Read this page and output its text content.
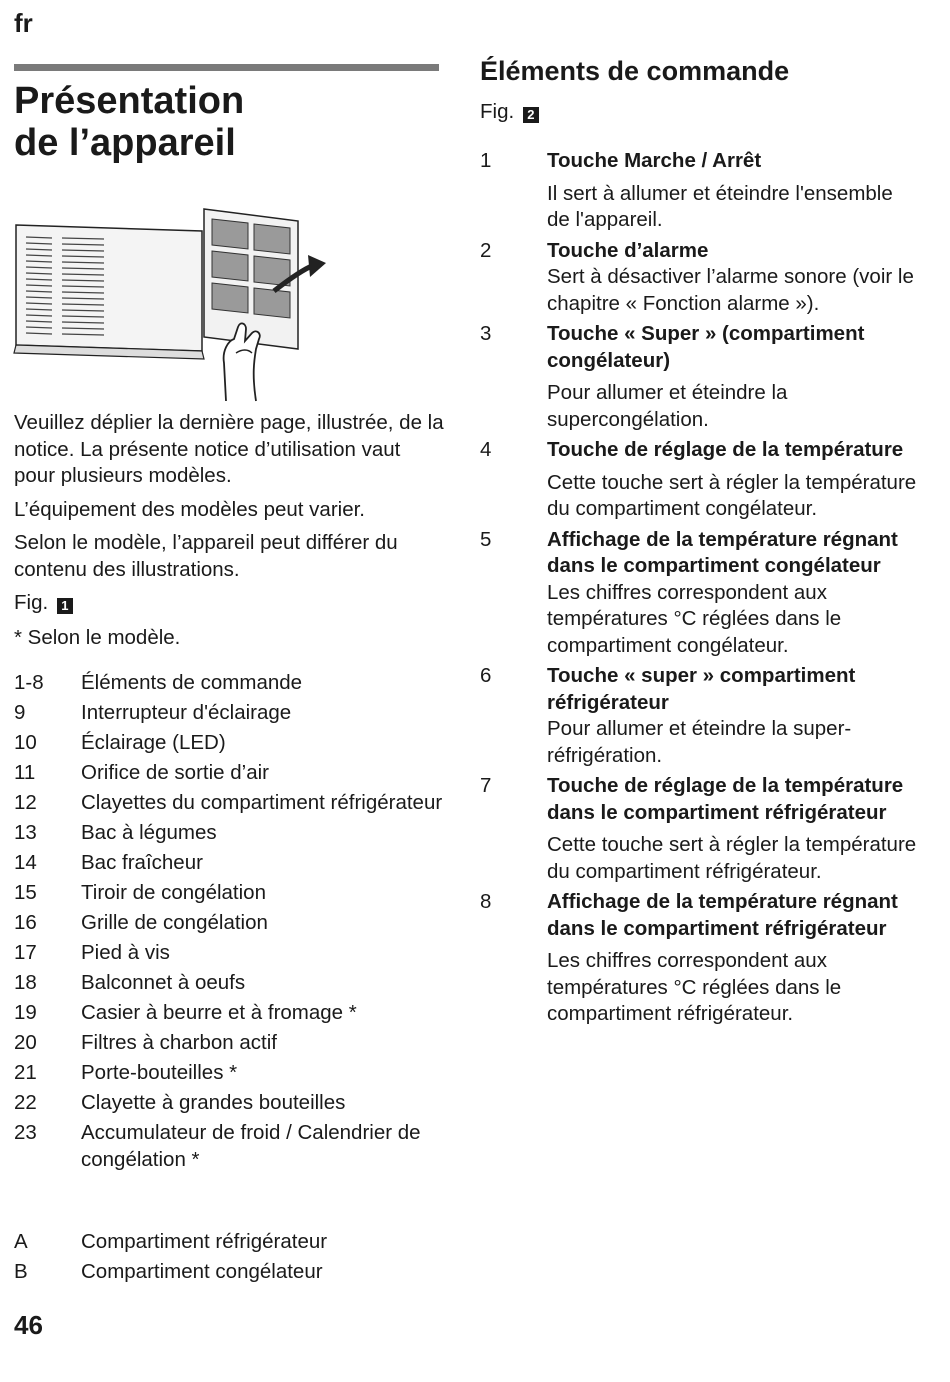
fr
Présentation
de l’appareil

Veuillez déplier la dernière page, illustrée, de la notice. La présente notice d’utilisation vaut pour plusieurs modèles.

L’équipement des modèles peut varier.

Selon le modèle, l’appareil peut différer du contenu des illustrations.

Fig. 1

* Selon le modèle.

1-8	Éléments de commande
9	Interrupteur d'éclairage
10	Éclairage (LED)
11	Orifice de sortie d’air
12	Clayettes du compartiment réfrigérateur
13	Bac à légumes
14	Bac fraîcheur
15	Tiroir de congélation
16	Grille de congélation
17	Pied à vis
18	Balconnet à oeufs
19	Casier à beurre et à fromage *
20	Filtres à charbon actif
21	Porte-bouteilles *
22	Clayette à grandes bouteilles
23	Accumulateur de froid / Calendrier de congélation *
A	Compartiment réfrigérateur
B	Compartiment congélateur
46
Éléments de commande
Fig. 2
1	Touche Marche / Arrêt
Il sert à allumer et éteindre l'ensemble de l'appareil.
2	Touche d’alarme
Sert à désactiver l’alarme sonore (voir le chapitre « Fonction alarme »).
3	Touche « Super » (compartiment congélateur)
Pour allumer et éteindre la supercongélation.
4	Touche de réglage de la température
Cette touche sert à régler la température du compartiment congélateur.
5	Affichage de la température régnant dans le compartiment congélateur
Les chiffres correspondent aux températures °C réglées dans le compartiment congélateur.
6	Touche « super » compartiment réfrigérateur
Pour allumer et éteindre la super-réfrigération.
7	Touche de réglage de la température dans le compartiment réfrigérateur
Cette touche sert à régler la température du compartiment réfrigérateur.
8	Affichage de la température régnant dans le compartiment réfrigérateur
Les chiffres correspondent aux températures °C réglées dans le compartiment réfrigérateur.
